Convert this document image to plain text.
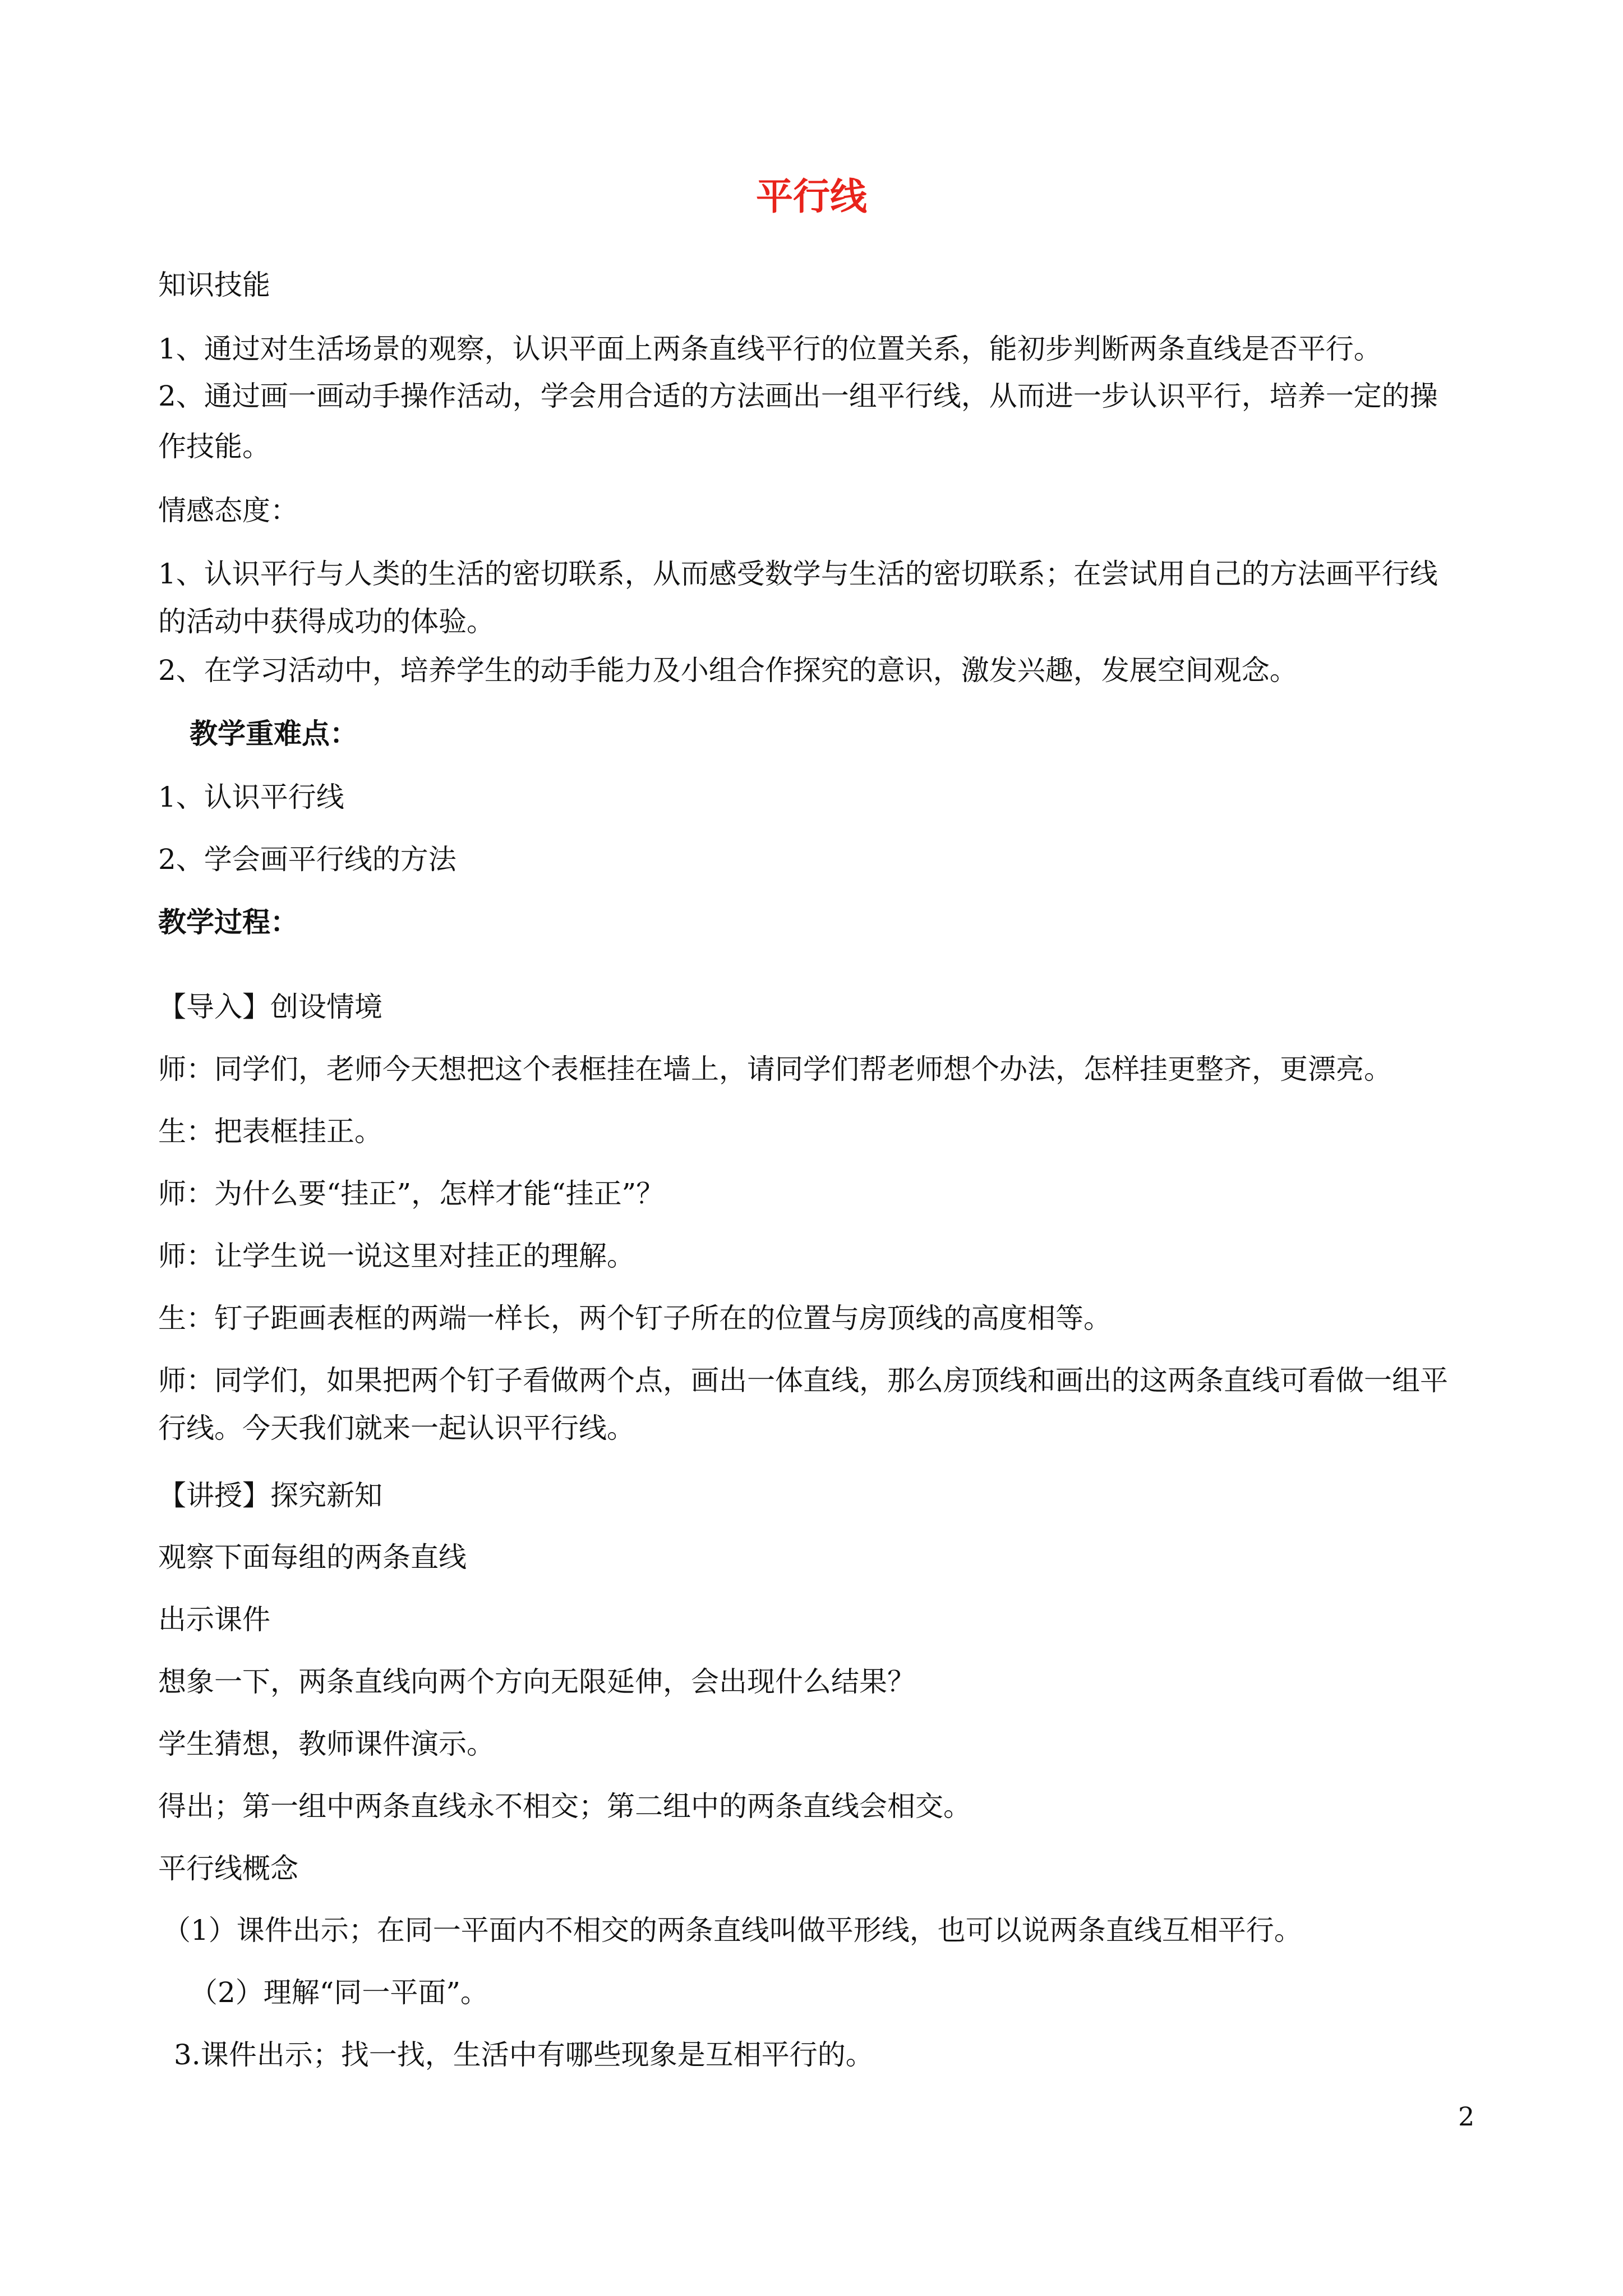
平行线
知识技能
1、通过对生活场景的观察，认识平面上两条直线平行的位置关系，能初步判断两条直线是否平行。
2、通过画一画动手操作活动，学会用合适的方法画出一组平行线，从而进一步认识平行，培养一定的操
作技能。
情感态度：
1、认识平行与人类的生活的密切联系，从而感受数学与生活的密切联系；在尝试用自己的方法画平行线
的活动中获得成功的体验。
2、在学习活动中，培养学生的动手能力及小组合作探究的意识，激发兴趣，发展空间观念。
教学重难点：
1、认识平行线
2、学会画平行线的方法
教学过程：
【导入】创设情境
师：同学们，老师今天想把这个表框挂在墙上，请同学们帮老师想个办法，怎样挂更整齐，更漂亮。
生：把表框挂正。
师：为什么要“挂正”，怎样才能“挂正”？
师：让学生说一说这里对挂正的理解。
生：钉子距画表框的两端一样长，两个钉子所在的位置与房顶线的高度相等。
师：同学们，如果把两个钉子看做两个点，画出一体直线，那么房顶线和画出的这两条直线可看做一组平
行线。今天我们就来一起认识平行线。
【讲授】探究新知
观察下面每组的两条直线
出示课件
想象一下，两条直线向两个方向无限延伸，会出现什么结果？
学生猜想，教师课件演示。
得出；第一组中两条直线永不相交；第二组中的两条直线会相交。
平行线概念
（1）课件出示；在同一平面内不相交的两条直线叫做平形线，也可以说两条直线互相平行。
（2）理解“同一平面”。
3.课件出示；找一找，生活中有哪些现象是互相平行的。
2
